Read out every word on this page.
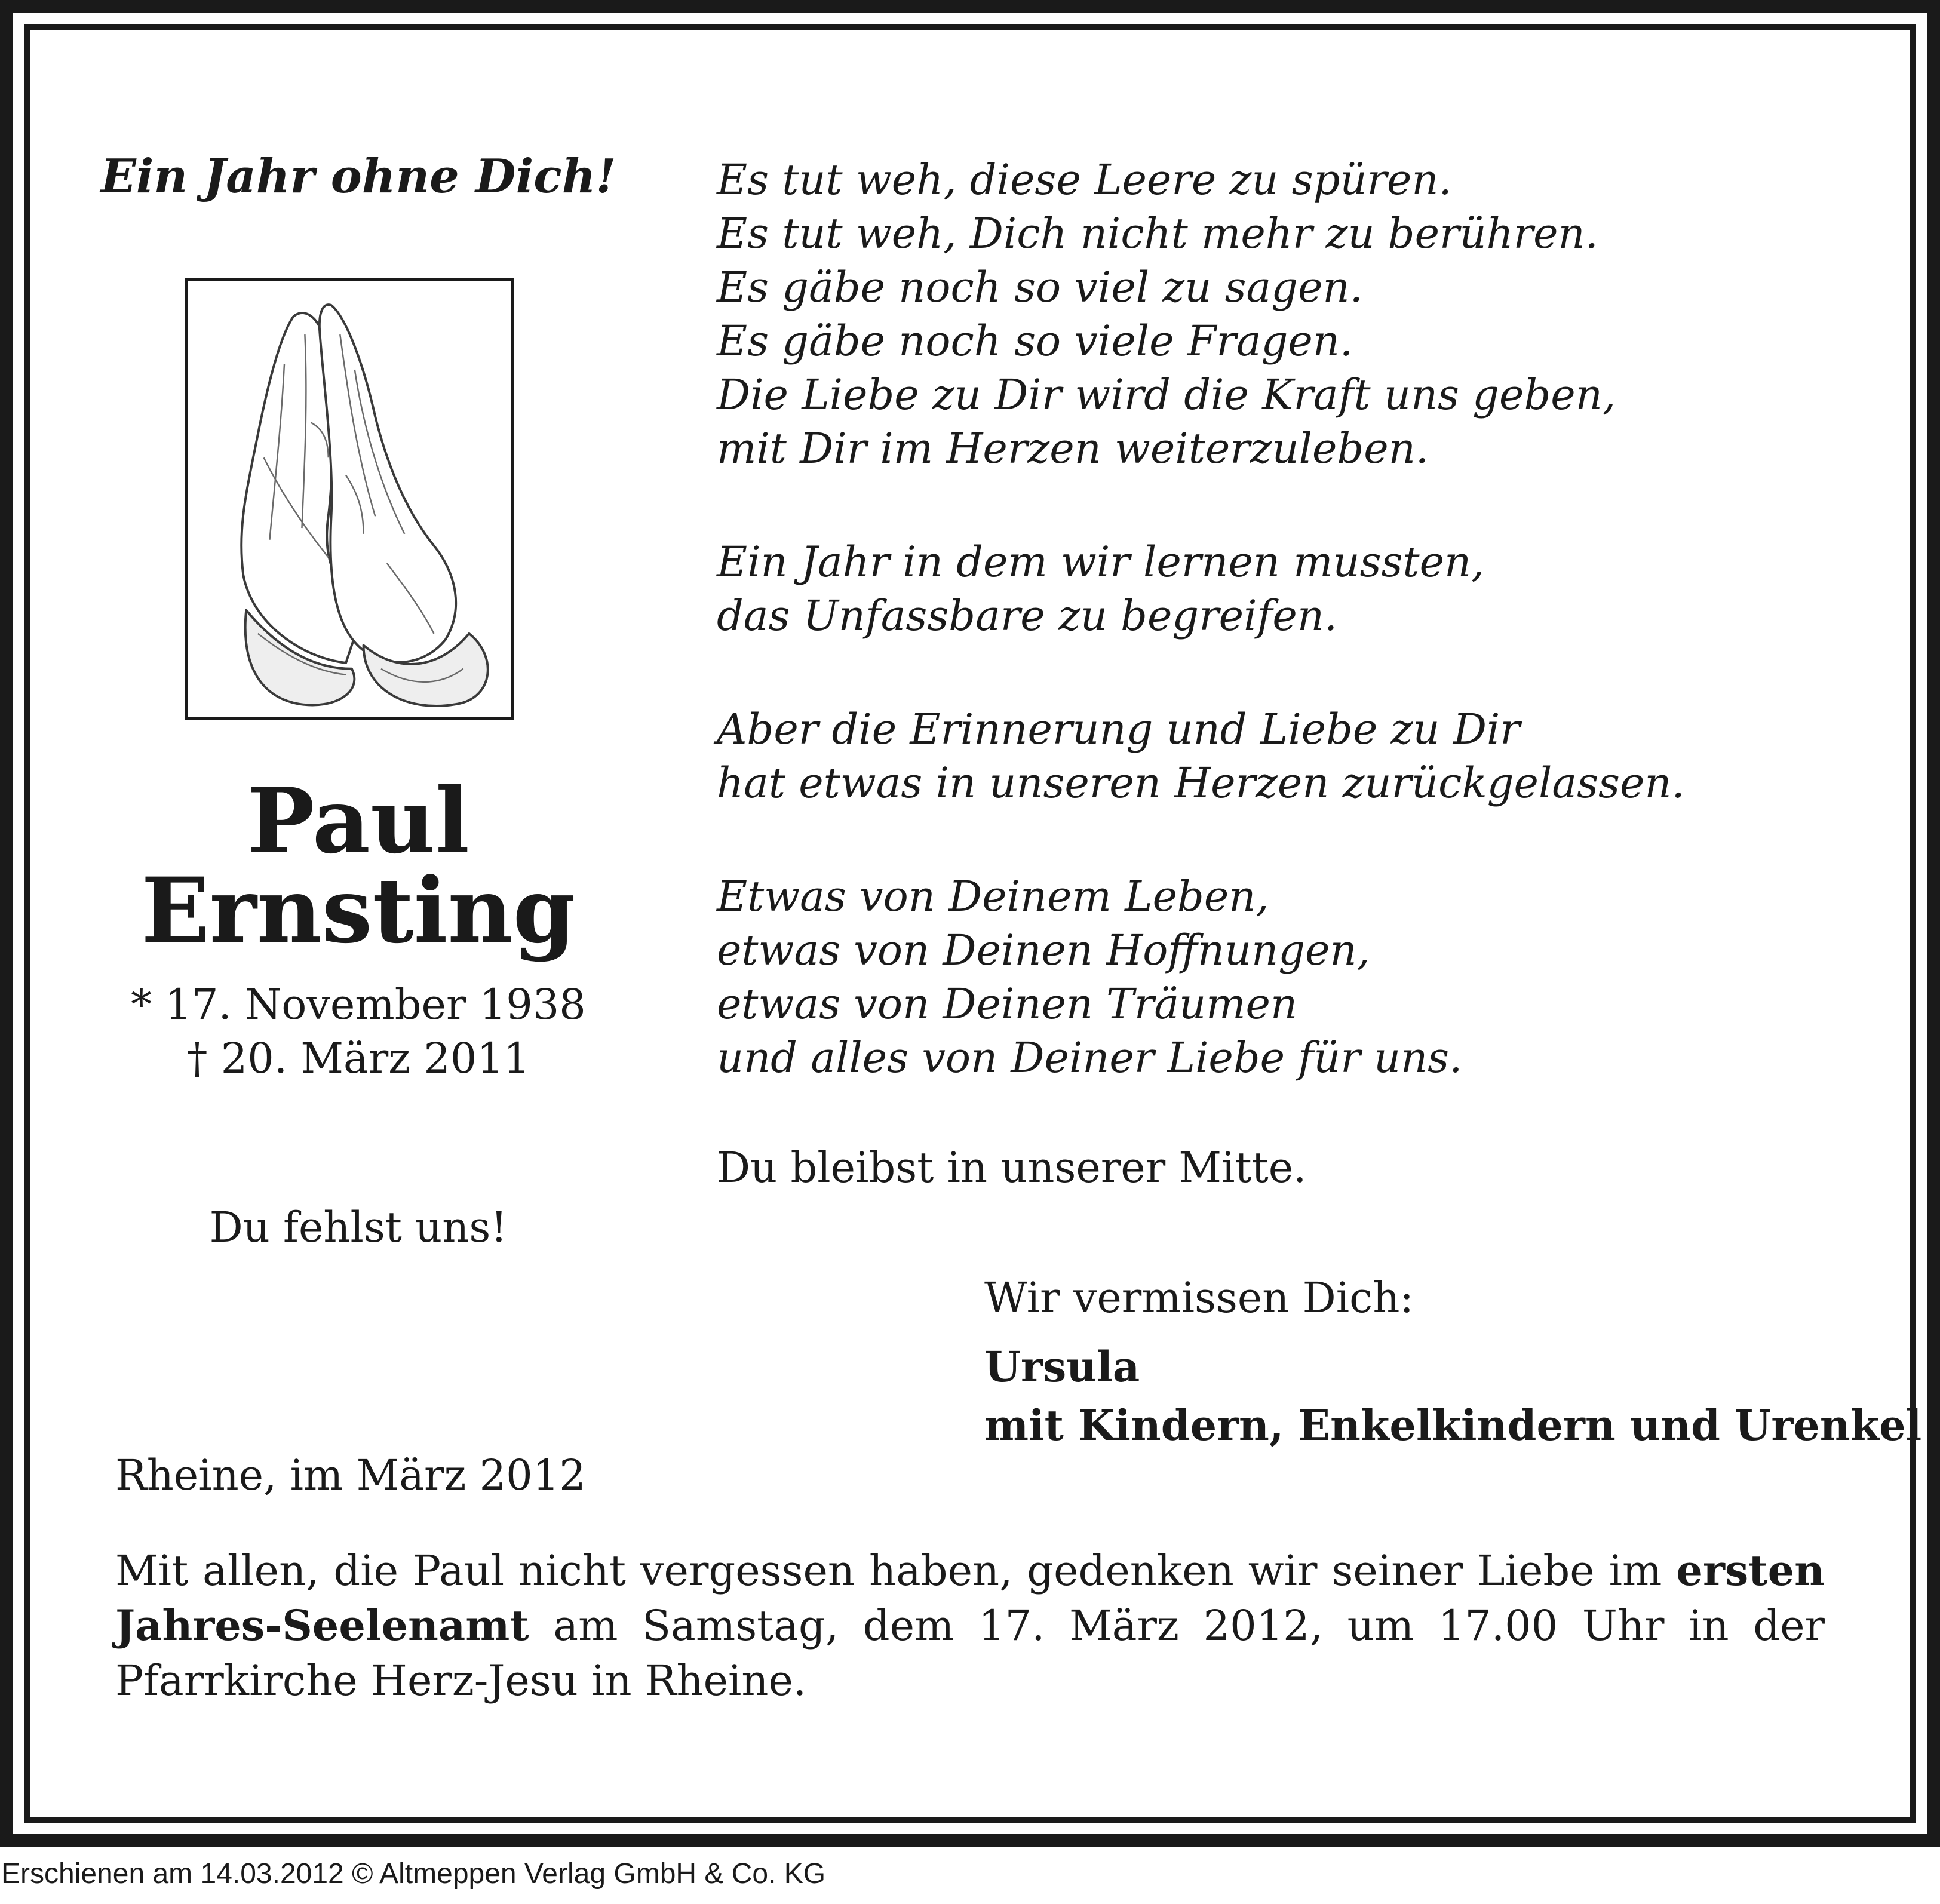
Ein Jahr ohne Dich!
Paul
Ernsting
* 17. November 1938
† 20. März 2011
Du fehlst uns!
Es tut weh, diese Leere zu spüren.
Es tut weh, Dich nicht mehr zu berühren.
Es gäbe noch so viel zu sagen.
Es gäbe noch so viele Fragen.
Die Liebe zu Dir wird die Kraft uns geben,
mit Dir im Herzen weiterzuleben.
Ein Jahr in dem wir lernen mussten,
das Unfassbare zu begreifen.
Aber die Erinnerung und Liebe zu Dir
hat etwas in unseren Herzen zurückgelassen.
Etwas von Deinem Leben,
etwas von Deinen Hoffnungen,
etwas von Deinen Träumen
und alles von Deiner Liebe für uns.
Du bleibst in unserer Mitte.
Wir vermissen Dich:
Ursula
mit Kindern, Enkelkindern und Urenkel
Rheine, im März 2012
Mit allen, die Paul nicht vergessen haben, gedenken wir seiner Liebe im ersten Jahres-Seelenamt am Samstag, dem 17. März 2012, um 17.00 Uhr in der Pfarrkirche Herz-Jesu in Rheine.
Erschienen am 14.03.2012 © Altmeppen Verlag GmbH & Co. KG
